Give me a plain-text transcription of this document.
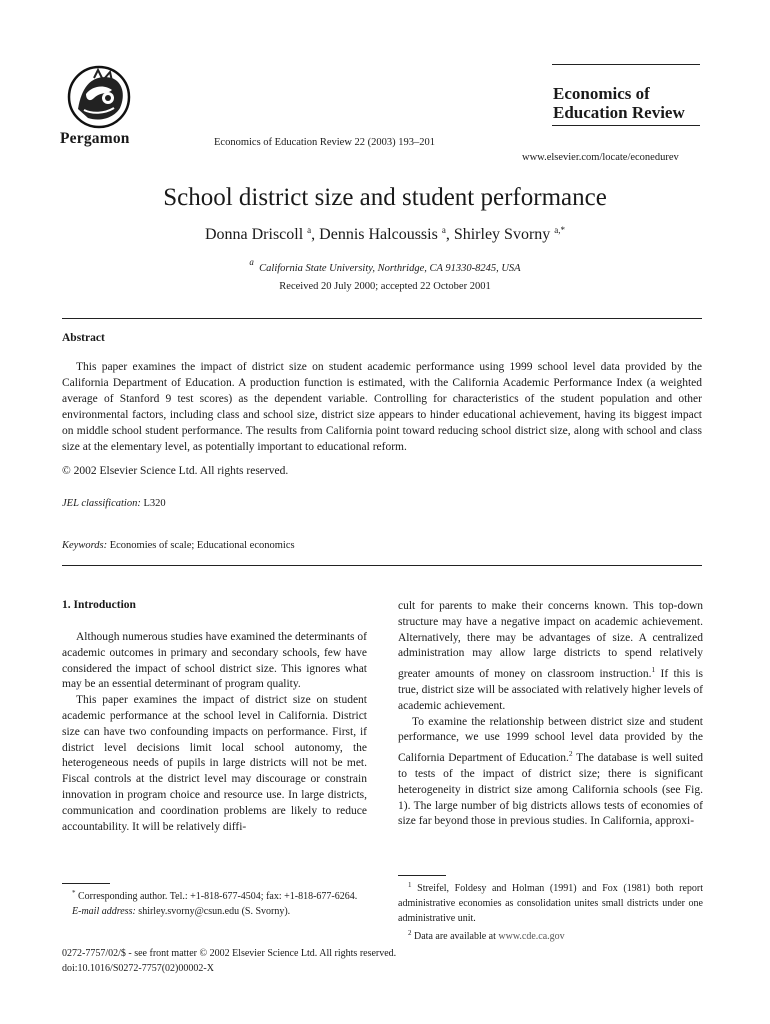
Pergamon	Economics of Education Review 22 (2003) 193–201
Economics of
Education Review
www.elsevier.com/locate/econedurev
School district size and student performance
Donna Driscoll $^a$, Dennis Halcoussis $^a$, Shirley Svorny $^{a,*}$
$^a$  California State University, Northridge, CA 91330-8245, USA
Received 20 July 2000; accepted 22 October 2001
Abstract
This paper examines the impact of district size on student academic performance using 1999 school level data provided by the California Department of Education. A production function is estimated, with the California Academic Performance Index (a weighted average of Stanford 9 test scores) as the dependent variable. Controlling for characteristics of the student population and other environmental factors, including class and school size, district size appears to hinder educational achievement, having its biggest impact on middle school student performance. The results from California point toward reducing school district size, along with school and class size at the elementary level, as potentially important to educational reform.
© 2002 Elsevier Science Ltd. All rights reserved.
JEL classification: L320
Keywords: Economies of scale; Educational economics
1. Introduction

Although numerous studies have examined the determinants of academic outcomes in primary and secondary schools, few have considered the impact of school district size. This ignores what may be an essential determinant of program quality.

This paper examines the impact of district size on student academic performance at the school level in California. District size can have two confounding impacts on performance. First, if district level decisions limit local school autonomy, the heterogeneous needs of pupils in large districts will not be met. Fiscal controls at the district level may discourage or constrain innovation in program choice and resource use. In large districts, communication and coordination problems are likely to reduce accountability. It will be relatively diffi-

cult for parents to make their concerns known. This top-down structure may have a negative impact on academic achievement. Alternatively, there may be advantages of size. A centralized administration may allow large districts to spend relatively greater amounts of money on classroom instruction.$^1$ If this is true, district size will be associated with relatively higher levels of academic achievement.

To examine the relationship between district size and student performance, we use 1999 school level data provided by the California Department of Education.$^2$ The database is well suited to tests of the impact of district size; there is significant heterogeneity in district size among California schools (see Fig. 1). The large number of big districts allows tests of economies of size far beyond those in previous studies. In California, approxi-

* Corresponding author. Tel.: +1-818-677-4504; fax: +1-818-677-6264.

E-mail address: shirley.svorny@csun.edu (S. Svorny).

$^1$ Streifel, Foldesy and Holman (1991) and Fox (1981) both report administrative economies as consolidation unites small districts under one administrative unit.

$^2$ Data are available at www.cde.ca.gov

0272-7757/02/$ - see front matter © 2002 Elsevier Science Ltd. All rights reserved.
doi:10.1016/S0272-7757(02)00002-X
